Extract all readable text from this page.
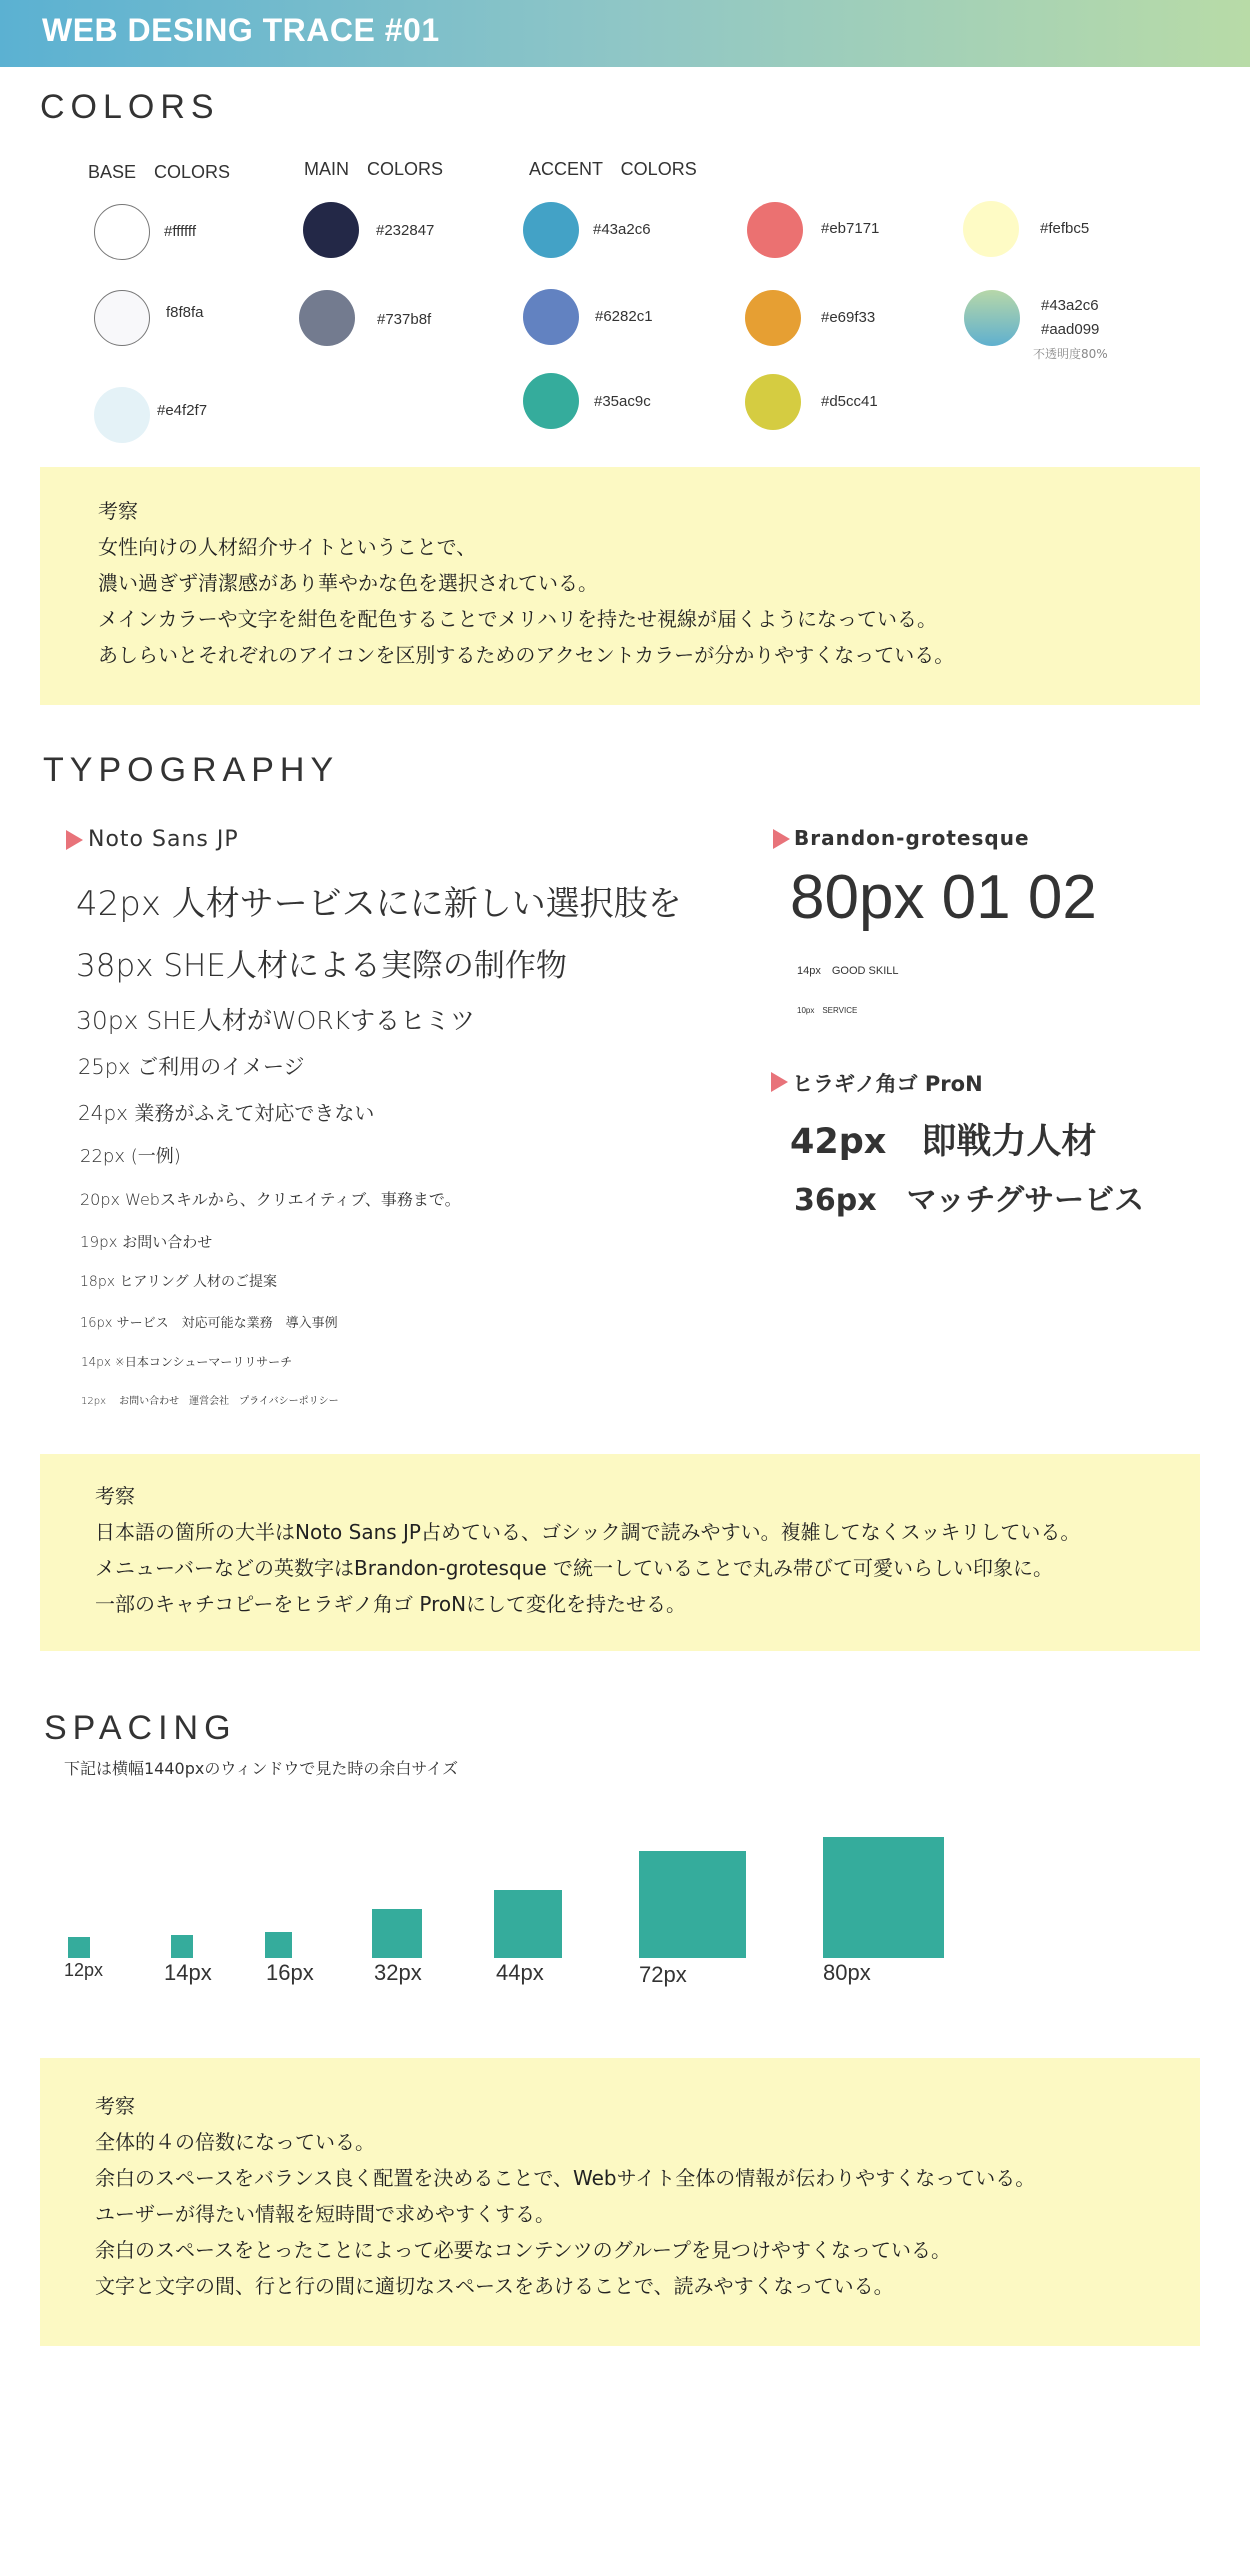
WEB DESING TRACE #01
COLORS
BASE　COLORS	MAIN　COLORS	ACCENT　COLORS
#ffffff
f8f8fa
#e4f2f7
#232847
#737b8f
#43a2c6
#6282c1
#35ac9c
#eb7171
#e69f33
#d5cc41
#fefbc5
#43a2c6
#aad099
不透明度80%
考察
女性向けの人材紹介サイトということで、
濃い過ぎず清潔感があり華やかな色を選択されている。
メインカラーや文字を紺色を配色することでメリハリを持たせ視線が届くようになっている。
あしらいとそれぞれのアイコンを区別するためのアクセントカラーが分かりやすくなっている。
TYPOGRAPHY
Noto Sans JP
42px 人材サービスにに新しい選択肢を
38px SHE人材による実際の制作物
30px SHE人材がWORKするヒミツ
25px ご利用のイメージ
24px 業務がふえて対応できない
22px (一例)
20px Webスキルから、クリエイティブ、事務まで。
19px お問い合わせ
18px ヒアリング 人材のご提案
16px サービス　対応可能な業務　導入事例
14px ※日本コンシューマーリリサーチ
12px　 お問い合わせ　運営会社　プライバシーポリシー
Brandon-grotesque
80px 01 02
14px　GOOD SKILL
10px　SERVICE
ヒラギノ角ゴ ProN
42px　即戦力人材
36px　マッチグサービス
考察
日本語の箇所の大半はNoto Sans JP占めている、ゴシック調で読みやすい。複雑してなくスッキリしている。
メニューバーなどの英数字はBrandon-grotesque で統一していることで丸み帯びて可愛いらしい印象に。
一部のキャチコピーをヒラギノ角ゴ ProNにして変化を持たせる。
SPACING
下記は横幅1440pxのウィンドウで見た時の余白サイズ
12px	14px 16px	32px	44px	72px	80px
考察
全体的４の倍数になっている。
余白のスペースをバランス良く配置を決めることで、Webサイト全体の情報が伝わりやすくなっている。
ユーザーが得たい情報を短時間で求めやすくする。
余白のスペースをとったことによって必要なコンテンツのグループを見つけやすくなっている。
文字と文字の間、行と行の間に適切なスペースをあけることで、読みやすくなっている。
